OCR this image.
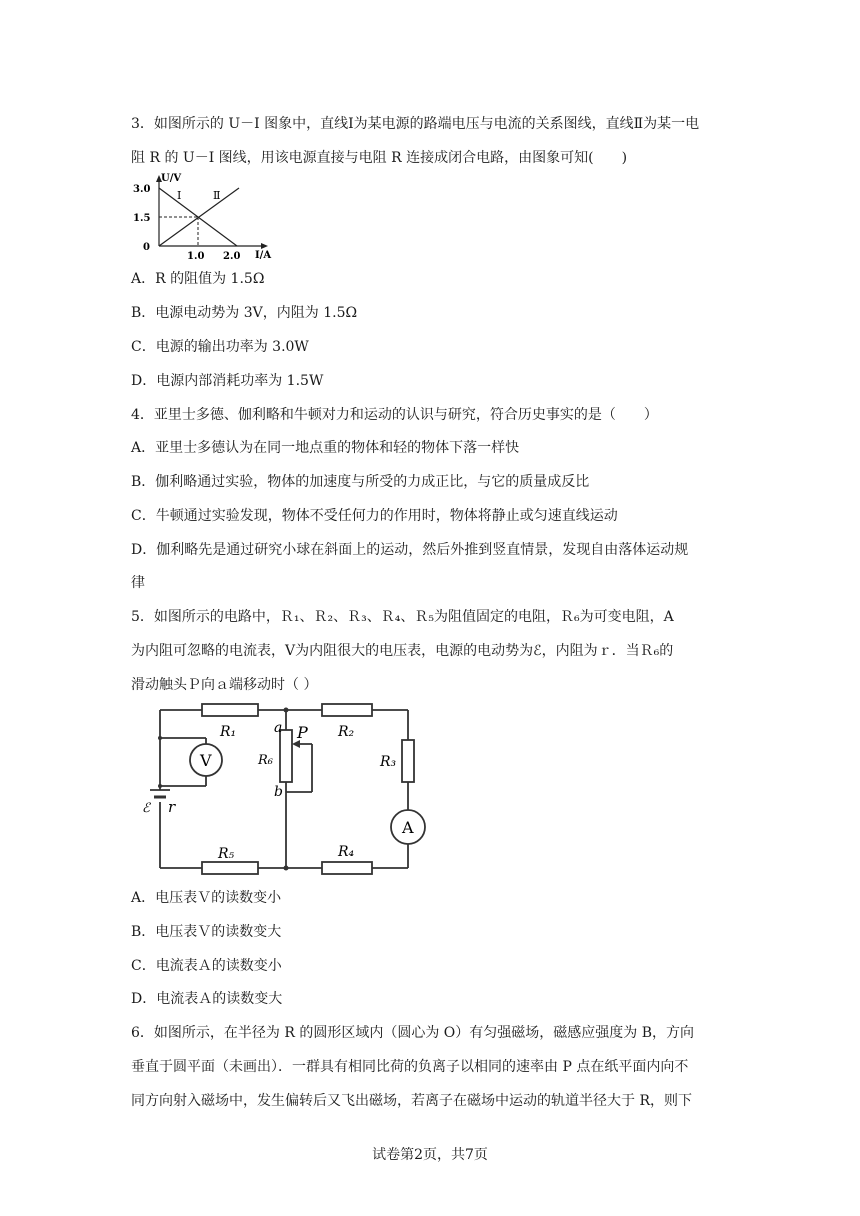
3．如图所示的 U－I 图象中，直线Ⅰ为某电源的路端电压与电流的关系图线，直线Ⅱ为某一电
阻 R 的 U－I 图线，用该电源直接与电阻 R 连接成闭合电路，由图象可知(　　)
U/V
I/A
3.0
1.5
0
1.0 2.0
Ⅰ	Ⅱ
A．R 的阻值为 1.5Ω
B．电源电动势为 3V，内阻为 1.5Ω
C．电源的输出功率为 3.0W
D．电源内部消耗功率为 1.5W
4．亚里士多德、伽利略和牛顿对力和运动的认识与研究，符合历史事实的是（　　）
A．亚里士多德认为在同一地点重的物体和轻的物体下落一样快
B．伽利略通过实验，物体的加速度与所受的力成正比，与它的质量成反比
C．牛顿通过实验发现，物体不受任何力的作用时，物体将静止或匀速直线运动
D．伽利略先是通过研究小球在斜面上的运动，然后外推到竖直情景，发现自由落体运动规
律
5．如图所示的电路中，Ｒ₁、Ｒ₂、Ｒ₃、Ｒ₄、Ｒ₅为阻值固定的电阻，Ｒ₆为可变电阻，A
为内阻可忽略的电流表，V为内阻很大的电压表，电源的电动势为ℰ，内阻为ｒ．当Ｒ₆的
滑动触头Ｐ向ａ端移动时（ ）
R₁	R₂
R₃
R₅	R₄
R₆
V
A
P
a
b
ℰ r
A．电压表Ｖ的读数变小
B．电压表Ｖ的读数变大
C．电流表Ａ的读数变小
D．电流表Ａ的读数变大
6．如图所示，在半径为 R 的圆形区域内（圆心为 O）有匀强磁场，磁感应强度为 B，方向
垂直于圆平面（未画出）．一群具有相同比荷的负离子以相同的速率由 P 点在纸平面内向不
同方向射入磁场中，发生偏转后又飞出磁场，若离子在磁场中运动的轨道半径大于 R，则下
试卷第2页，共7页
